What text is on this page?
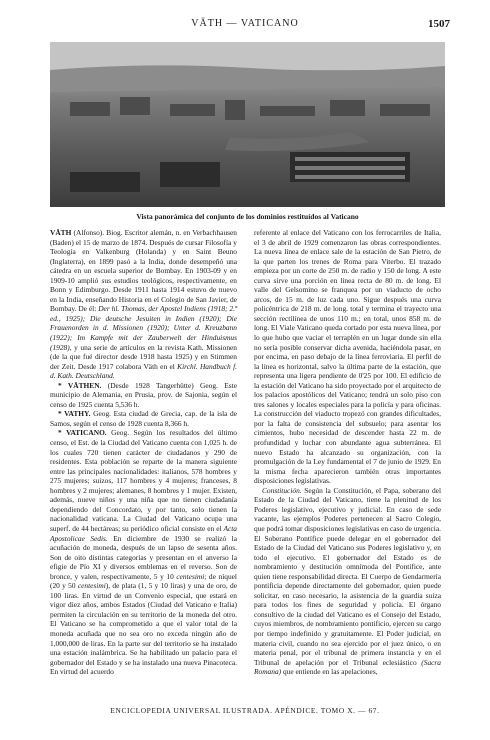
VÄTH — VATICANO	1507
Vista panorámica del conjunto de los dominios restituídos al Vaticano

VÄTH (Alfonso). Biog. Escritor alemán, n. en Verbachhausen (Baden) el 15 de marzo de 1874. Después de cursar Filosofía y Teología en Valkenburg (Holanda) y en Saint Beuno (Inglaterra), en 1899 pasó a la India, donde desempeñó una cátedra en un escuela superior de Bombay. En 1903-09 y en 1909-10 amplió sus estudios teológicos, respectivamente, en Bonn y Edimburgo. Desde 1911 hasta 1914 estuvo de nuevo en la India, enseñando Historia en el Colegio de San Javier, de Bombay. De él: Der hl. Thomas, der Apostel Indiens (1918; 2.ª ed., 1925); Die deutsche Jesuiten in Indien (1920); Die Frauenorden in d. Missionen (1920); Unter d. Kreuzbann (1922); Im Kampfe mit der Zauberwelt der Hinduismus (1928), y una serie de artículos en la revista Kath. Missionen (de la que fué director desde 1918 hasta 1925) y en Stimmen der Zeit. Desde 1917 colabora Väth en el Kirchl. Handbuch f. d. Kath. Deutschland.

* VÄTHEN. (Desde 1928 Tangerhütte) Geog. Este municipio de Alemania, en Prusia, prov. de Sajonia, según el censo de 1925 cuenta 5,536 h.

* VATHY. Geog. Esta ciudad de Grecia, cap. de la isla de Samos, según el censo de 1928 cuenta 8,366 h.

* VATICANO. Geog. Según los resultados del último censo, el Est. de la Ciudad del Vaticano cuenta con 1,025 h. de los cuales 720 tienen carácter de ciudadanos y 290 de residentes. Esta población se reparte de la manera siguiente entre las principales nacionalidades: italianos, 578 hombres y 275 mujeres; suizos, 117 hombres y 4 mujeres; franceses, 8 hombres y 2 mujeres; alemanes, 8 hombres y 1 mujer. Existen, además, nueve niños y una niña que no tienen ciudadanía dependiendo del Concordato, y por tanto, solo tienen la nacionalidad vaticana. La Ciudad del Vaticano ocupa una superf. de 44 hectáreas; su periódico oficial consiste en el Acta Apostolicae Sedis. En diciembre de 1930 se realizó la acuñación de moneda, después de un lapso de sesenta años. Son de oito distintas categorías y presentan en el anverso la efigie de Pío XI y diversos emblemas en el reverso. Son de bronce, y valen, respectivamente, 5 y 10 centesimi; de níquel (20 y 50 centesimi), de plata (1, 5 y 10 liras) y una de oro, de 100 liras. En virtud de un Convenio especial, que estará en vigor diez años, ambos Estados (Ciudad del Vaticano e Italia) permiten la circulación en su territorio de la moneda del otro. El Vaticano se ha comprometido a que el valor total de la moneda acuñada que no sea oro no exceda ningún año de 1,000,000 de liras. En la parte sur del territorio se ha instalado una estación inalámbrica. Se ha habilitado un palacio para el gobernador del Estado y se ha instalado una nueva Pinacoteca. En virtud del acuerdo

referente al enlace del Vaticano con los ferrocarriles de Italia, el 3 de abril de 1929 comenzaron las obras correspondientes. La nueva línea de enlace sale de la estación de San Pietro, de la que parten los trenes de Roma para Viterbo. El trazado empieza por un corte de 250 m. de radio y 150 de long. A este curva sirve una porción en línea recta de 80 m. de long. El valle del Gelsomino se franquea por un viaducto de ocho arcos, de 15 m. de luz cada uno. Sigue después una curva policéntrica de 218 m. de long. total y termina el trayecto una sección rectilínea de unos 110 m.; en total, unos 858 m. de long. El Viale Vaticano queda cortado por esta nueva línea, por lo que hubo que vaciar el terraplén en un lugar donde sin ella no sería posible conservar dicha avenida, haciéndola pasar, en por encima, en paso debajo de la línea ferroviaria. El perfil de la línea es horizontal, salvo la última parte de la estación, que representa una ligera pendiente de 0'25 por 100. El edificio de la estación del Vaticano ha sido proyectado por el arquitecto de los palacios apostólicos del Vaticano; tendrá un solo piso con tres salones y locales especiales para la policía y para oficinas. La construcción del viaducto tropezó con grandes dificultades, por la falta de consistencia del subsuelo; para asentar los cimientos, hubo necesidad de descender hasta 22 m. de profundidad y luchar con abundante agua subterránea. El nuevo Estado ha alcanzado su organización, con la promulgación de la Ley fundamental el 7 de junio de 1929. En la misma fecha aparecieron también otras importantes disposiciones legislativas.

Constitución. Según la Constitución, el Papa, soberano del Estado de la Ciudad del Vaticano, tiene la plenitud de los Poderes legislativo, ejecutivo y judicial. En caso de sede vacante, las ejemplos Poderes pertenecen al Sacro Colegio, que podrá tomar disposiciones legislativas en caso de urgencia. El Soberano Pontífice puede delegar en el gobernador del Estado de la Ciudad del Vaticano sus Poderes legislativo y, en todo el ejecutivo. El gobernador del Estado es de nombramiento y destitución omnímoda del Pontífice, ante quien tiene responsabilidad directa. El Cuerpo de Gendarmería pontificia depende directamente del gobernador, quien puede solicitar, en caso necesario, la asistencia de la guardia suiza para todos los fines de seguridad y policía. El órgano consultivo de la ciudad del Vaticano es el Consejo del Estado, cuyos miembros, de nombramiento pontificio, ejercen su cargo por tiempo indefinido y gratuitamente. El Poder judicial, en materia civil, cuando no sea ejercido por el juez único, o en materia penal, por el tribunal de primera instancia y en el Tribunal de apelación por el Tribunal eclesiástico (Sacra Romana) que entiende en las apelaciones,

ENCICLOPEDIA UNIVERSAL ILUSTRADA. APÉNDICE. TOMO X. — 67.
